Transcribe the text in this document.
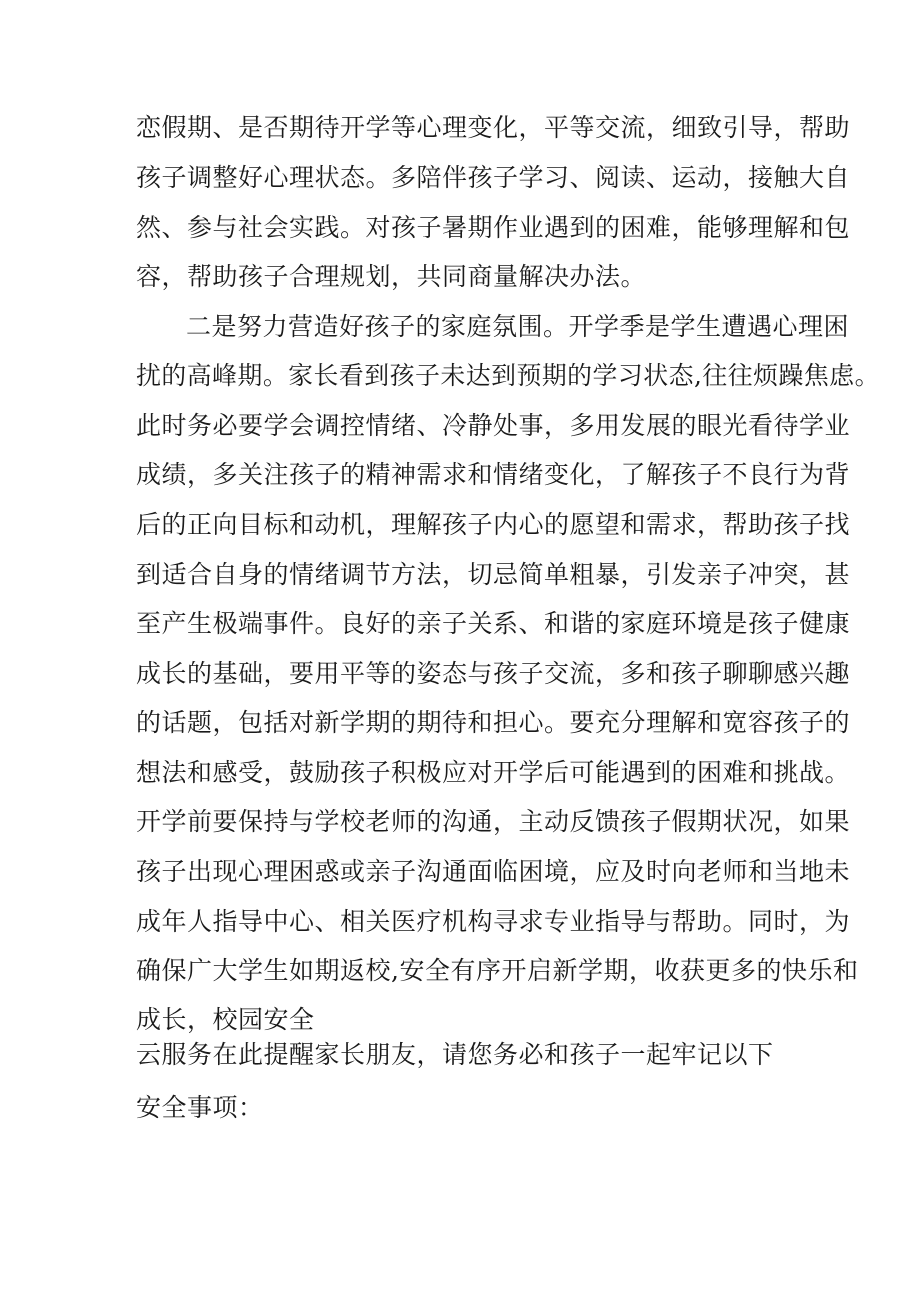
恋假期、是否期待开学等心理变化，平等交流，细致引导，帮助
孩子调整好心理状态。多陪伴孩子学习、阅读、运动，接触大自
然、参与社会实践。对孩子暑期作业遇到的困难，能够理解和包
容，帮助孩子合理规划，共同商量解决办法。
二是努力营造好孩子的家庭氛围。开学季是学生遭遇心理困
扰的高峰期。家长看到孩子未达到预期的学习状态,往往烦躁焦虑。
此时务必要学会调控情绪、冷静处事，多用发展的眼光看待学业
成绩，多关注孩子的精神需求和情绪变化，了解孩子不良行为背
后的正向目标和动机，理解孩子内心的愿望和需求，帮助孩子找
到适合自身的情绪调节方法，切忌简单粗暴，引发亲子冲突，甚
至产生极端事件。良好的亲子关系、和谐的家庭环境是孩子健康
成长的基础，要用平等的姿态与孩子交流，多和孩子聊聊感兴趣
的话题，包括对新学期的期待和担心。要充分理解和宽容孩子的
想法和感受，鼓励孩子积极应对开学后可能遇到的困难和挑战。
开学前要保持与学校老师的沟通，主动反馈孩子假期状况，如果
孩子出现心理困惑或亲子沟通面临困境，应及时向老师和当地未
成年人指导中心、相关医疗机构寻求专业指导与帮助。同时，为
确保广大学生如期返校,安全有序开启新学期，收获更多的快乐和
成长，校园安全
云服务在此提醒家长朋友，请您务必和孩子一起牢记以下
安全事项：
